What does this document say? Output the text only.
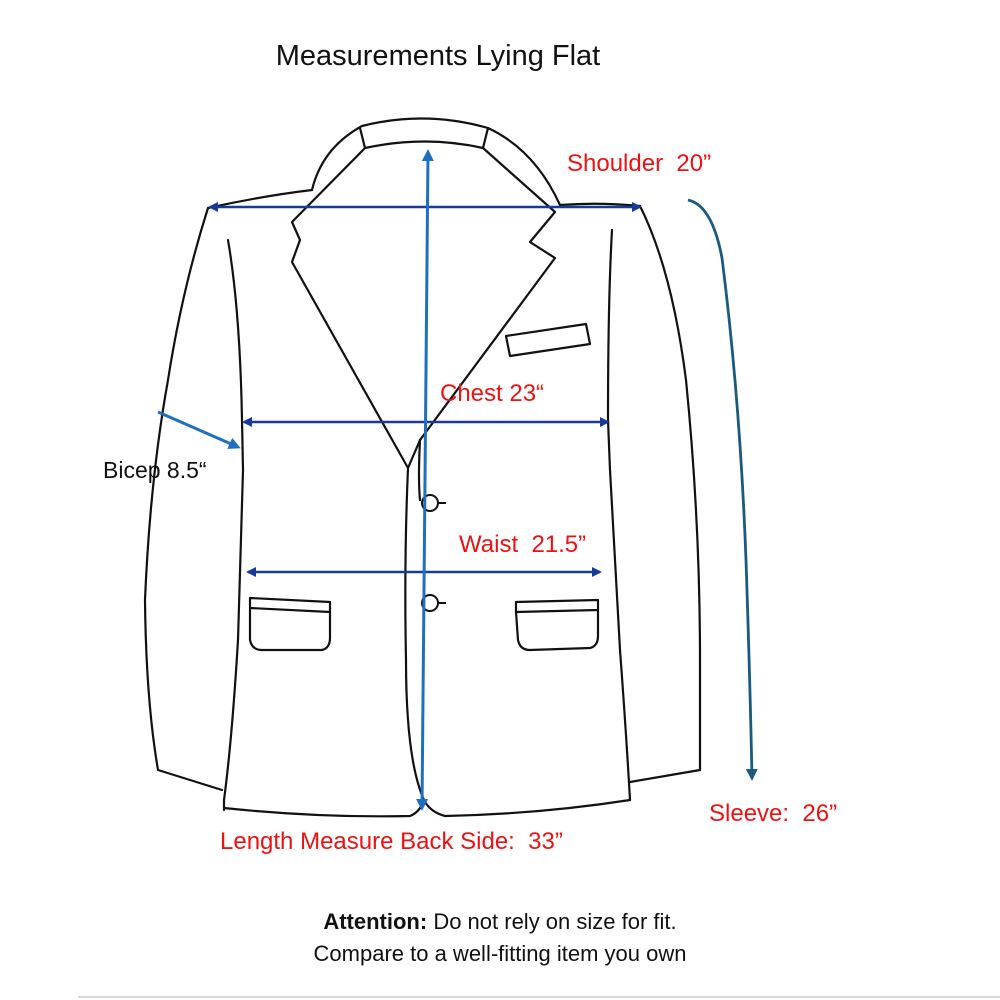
Measurements Lying Flat
Shoulder  20”
Chest 23“
Waist  21.5”
Bicep 8.5“
Sleeve:  26”
Length Measure Back Side:  33”
Attention: Do not rely on size for fit.
Compare to a well-fitting item you own
